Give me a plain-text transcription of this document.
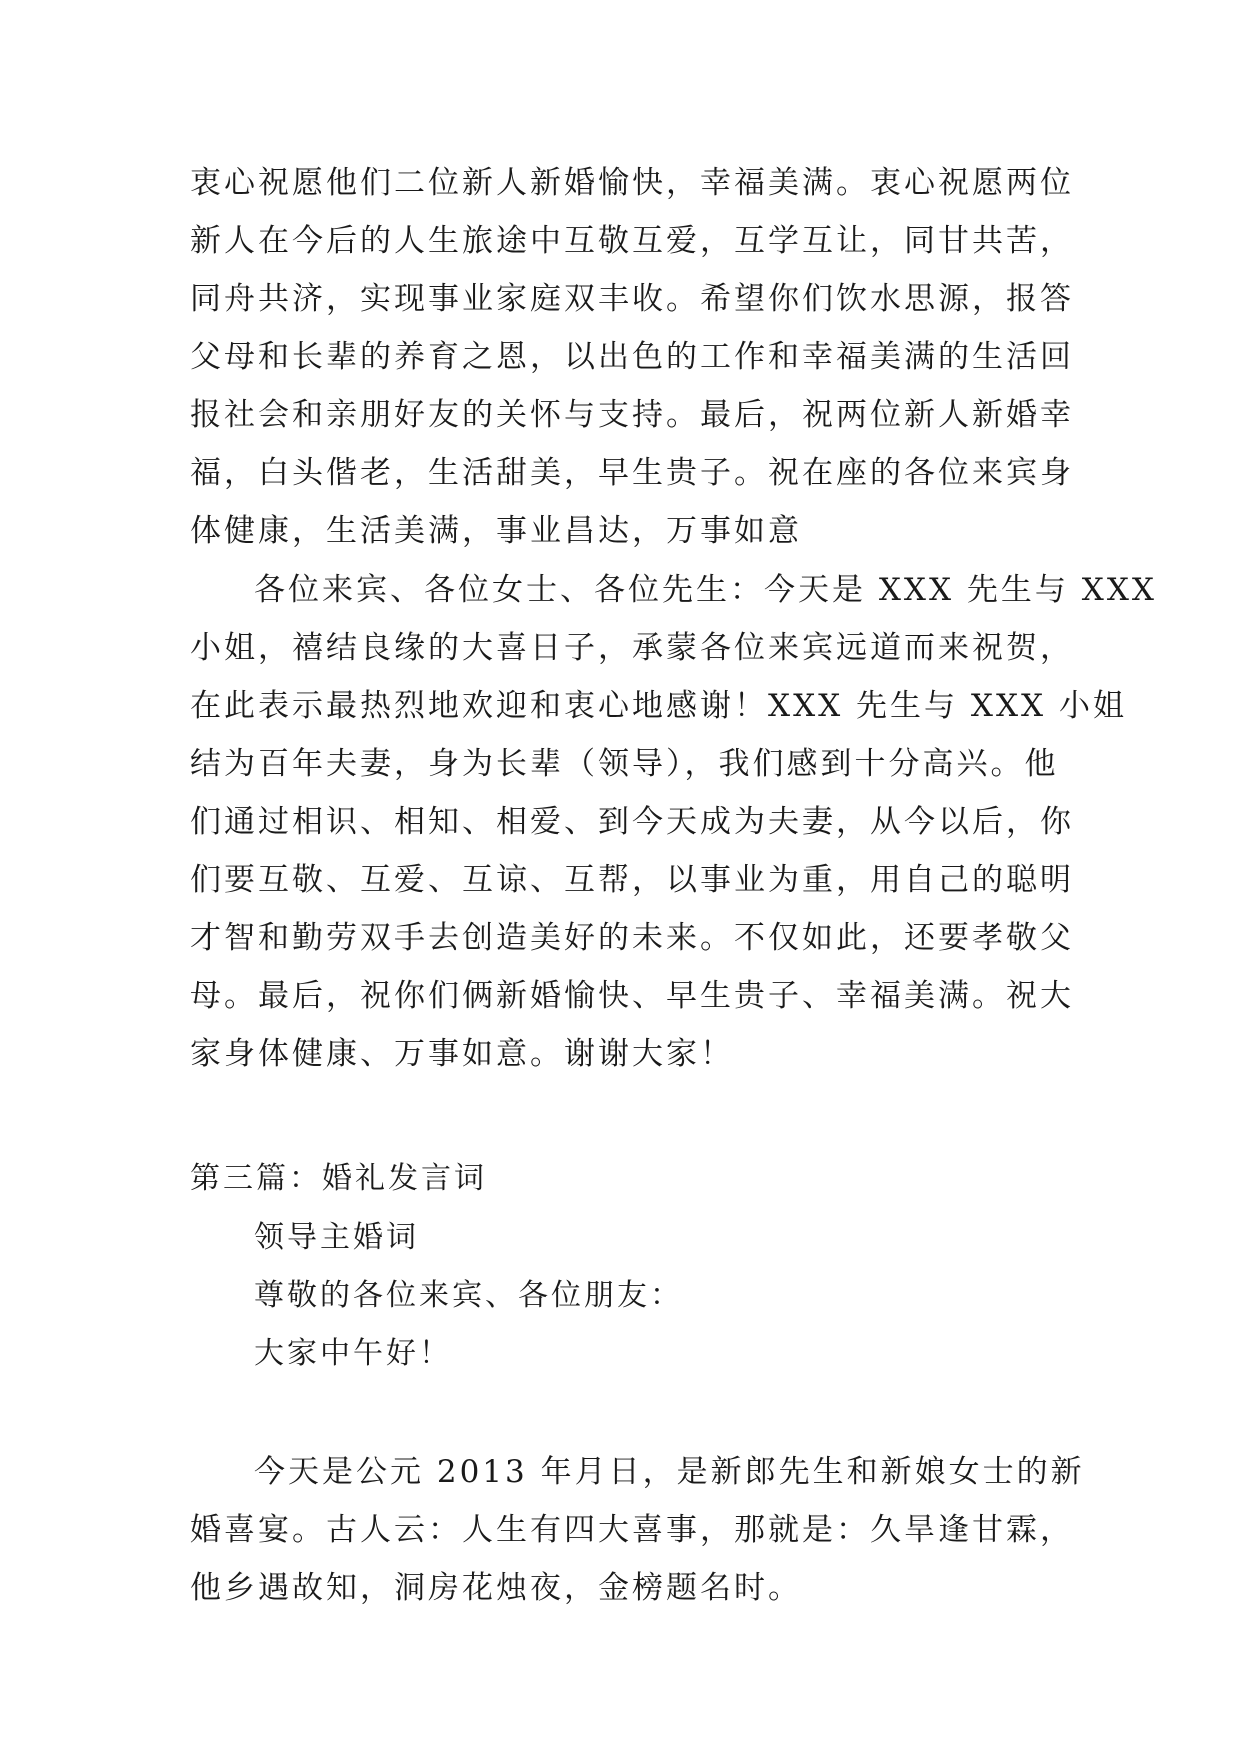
衷心祝愿他们二位新人新婚愉快，幸福美满。衷心祝愿两位
新人在今后的人生旅途中互敬互爱，互学互让，同甘共苦，
同舟共济，实现事业家庭双丰收。希望你们饮水思源，报答
父母和长辈的养育之恩，以出色的工作和幸福美满的生活回
报社会和亲朋好友的关怀与支持。最后，祝两位新人新婚幸
福，白头偕老，生活甜美，早生贵子。祝在座的各位来宾身
体健康，生活美满，事业昌达，万事如意
各位来宾、各位女士、各位先生：今天是 XXX 先生与 XXX
小姐，禧结良缘的大喜日子，承蒙各位来宾远道而来祝贺，
在此表示最热烈地欢迎和衷心地感谢！XXX 先生与 XXX 小姐
结为百年夫妻，身为长辈（领导），我们感到十分高兴。他
们通过相识、相知、相爱、到今天成为夫妻，从今以后，你
们要互敬、互爱、互谅、互帮，以事业为重，用自己的聪明
才智和勤劳双手去创造美好的未来。不仅如此，还要孝敬父
母。最后，祝你们俩新婚愉快、早生贵子、幸福美满。祝大
家身体健康、万事如意。谢谢大家！
第三篇：婚礼发言词
领导主婚词
尊敬的各位来宾、各位朋友：
大家中午好！
今天是公元 2013 年月日，是新郎先生和新娘女士的新
婚喜宴。古人云：人生有四大喜事，那就是：久旱逢甘霖，
他乡遇故知，洞房花烛夜，金榜题名时。
